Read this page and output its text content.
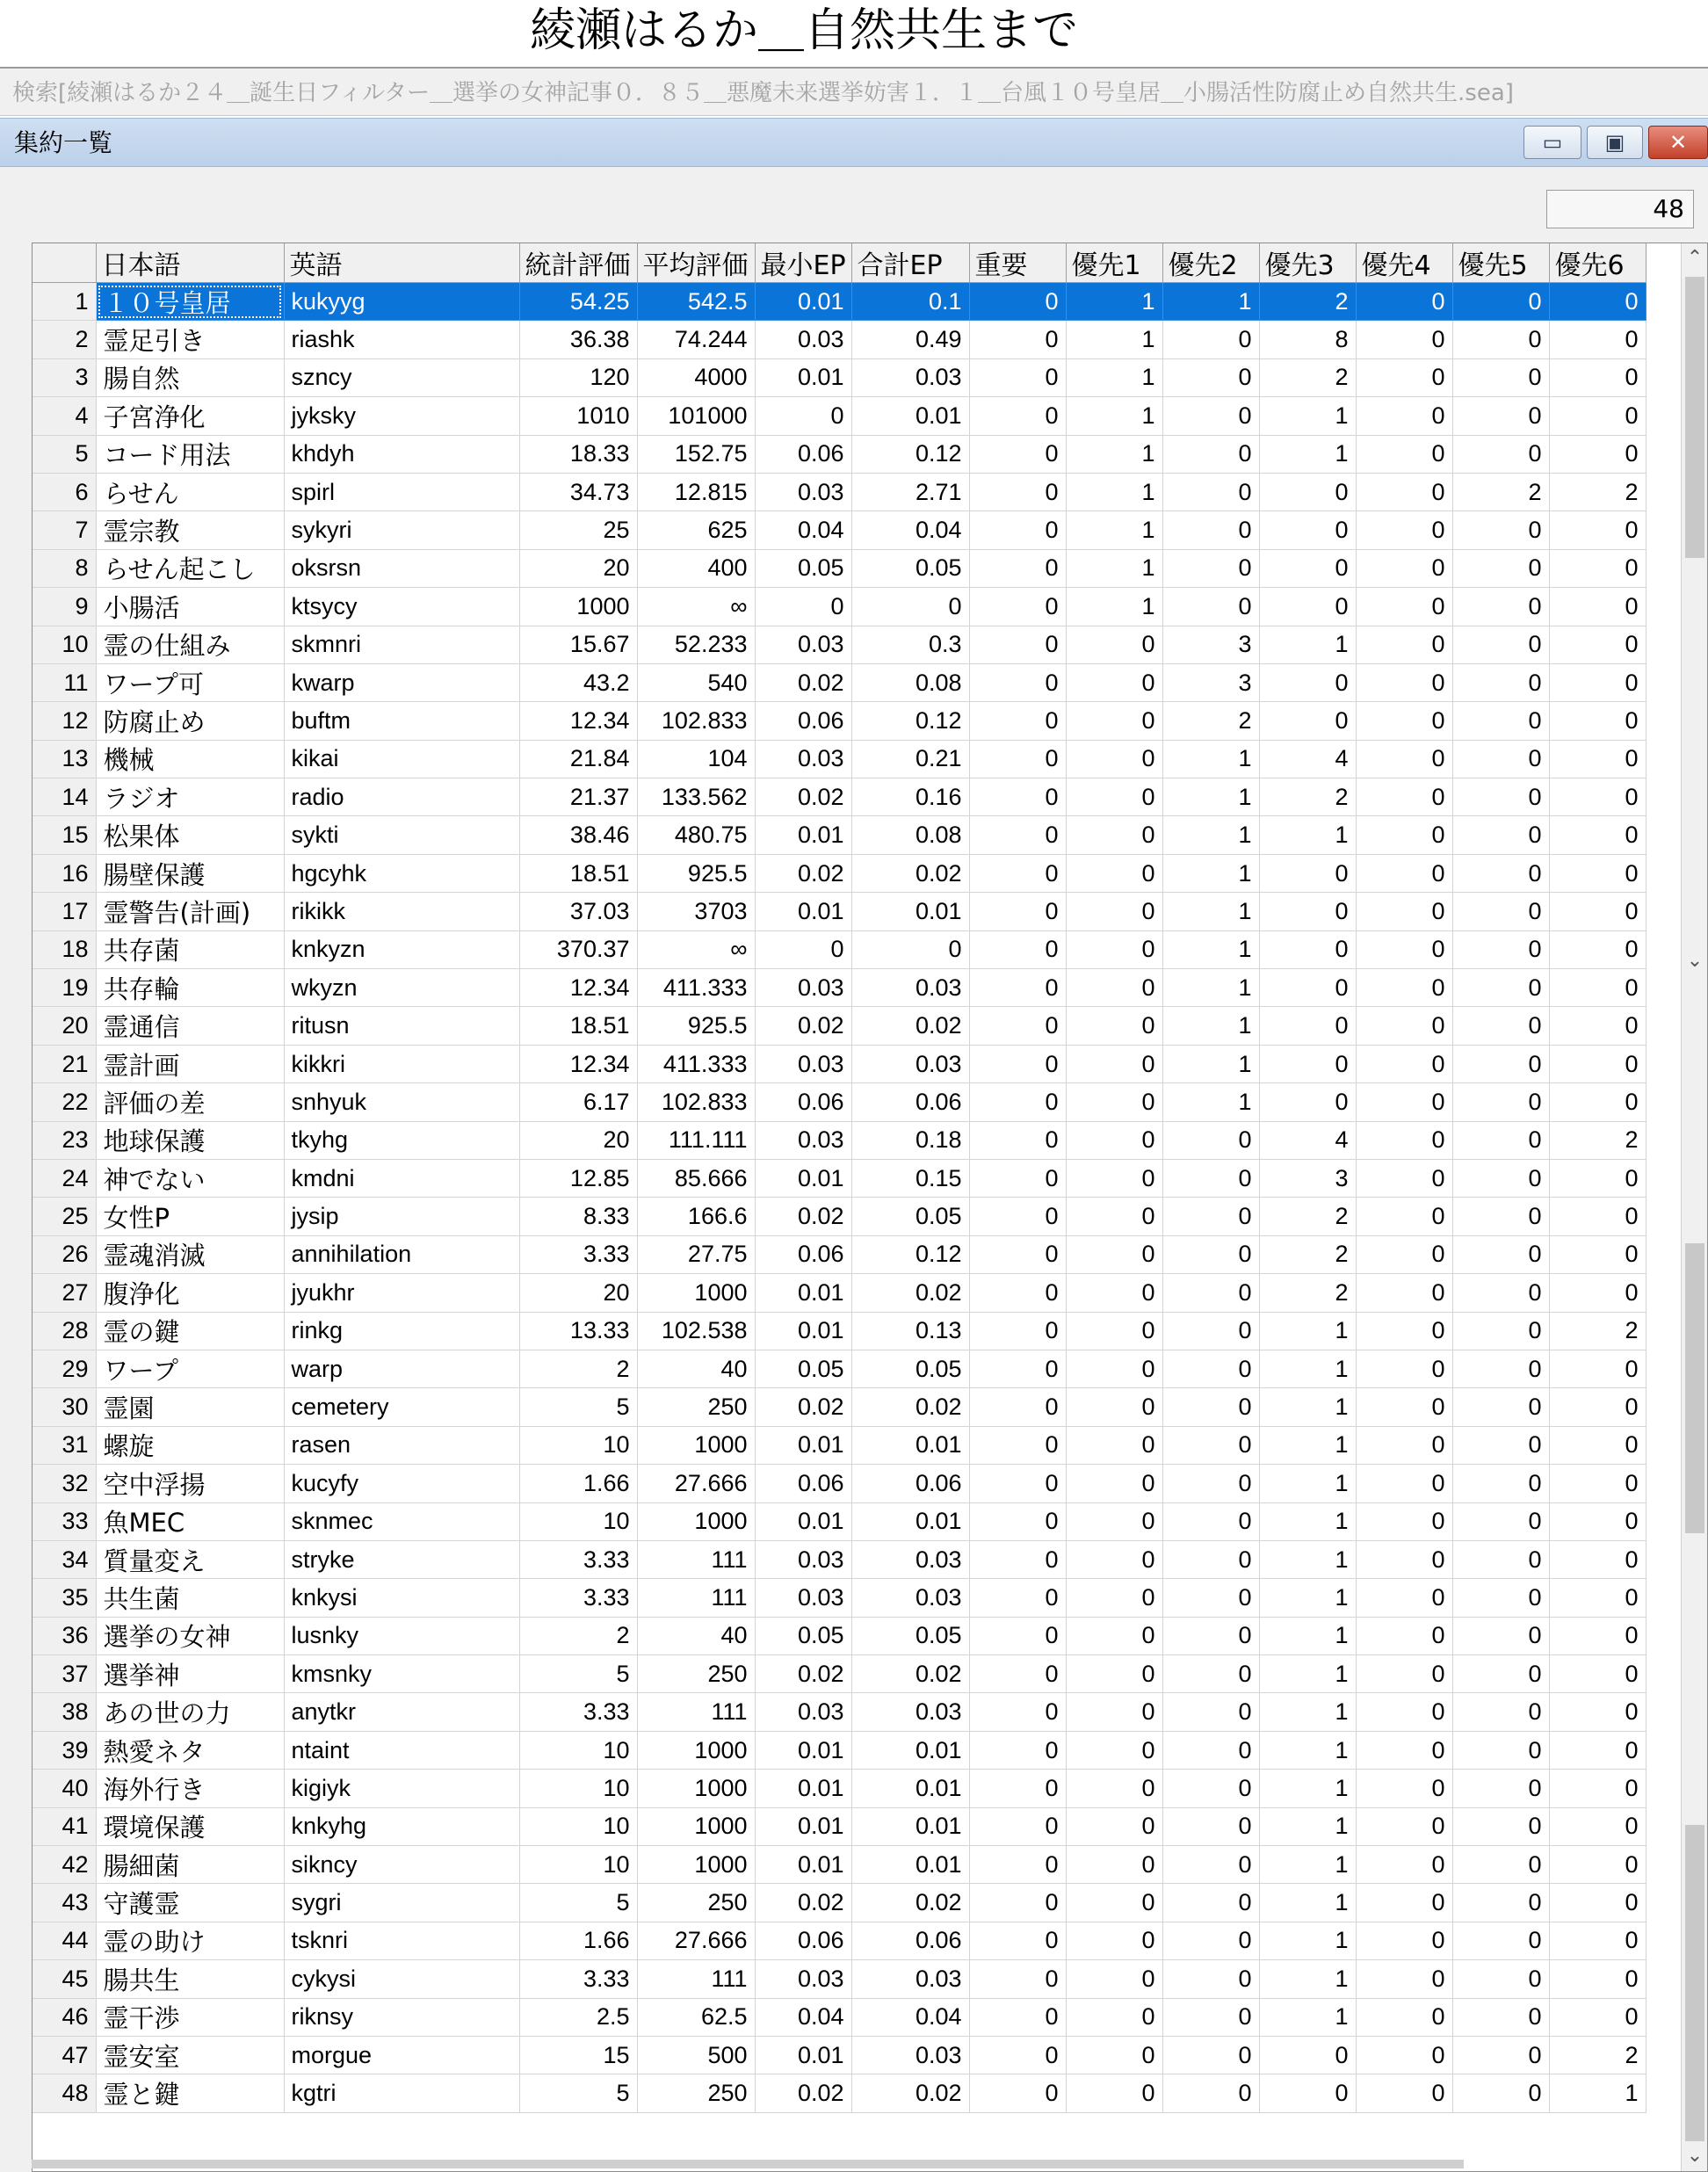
綾瀬はるか＿自然共生まで
検索[綾瀬はるか２４＿誕生日フィルター＿選挙の女神記事０．８５＿悪魔未来選挙妨害１．１＿台風１０号皇居＿小腸活性防腐止め自然共生.sea]
集約一覧	▭ ▣ ✕
48
	日本語	英語	統計評価	平均評価	最小EP	合計EP	重要	優先1	優先2	優先3	優先4	優先5	優先6
1	１０号皇居	kukyyg	54.25	542.5	0.01	0.1	0	1	1	2	0	0	0
2	霊足引き	riashk	36.38	74.244	0.03	0.49	0	1	0	8	0	0	0
3	腸自然	szncy	120	4000	0.01	0.03	0	1	0	2	0	0	0
4	子宮浄化	jyksky	1010	101000	0	0.01	0	1	0	1	0	0	0
5	コード用法	khdyh	18.33	152.75	0.06	0.12	0	1	0	1	0	0	0
6	らせん	spirl	34.73	12.815	0.03	2.71	0	1	0	0	0	2	2
7	霊宗教	sykyri	25	625	0.04	0.04	0	1	0	0	0	0	0
8	らせん起こし	oksrsn	20	400	0.05	0.05	0	1	0	0	0	0	0
9	小腸活	ktsycy	1000	∞	0	0	0	1	0	0	0	0	0
10	霊の仕組み	skmnri	15.67	52.233	0.03	0.3	0	0	3	1	0	0	0
11	ワープ可	kwarp	43.2	540	0.02	0.08	0	0	3	0	0	0	0
12	防腐止め	buftm	12.34	102.833	0.06	0.12	0	0	2	0	0	0	0
13	機械	kikai	21.84	104	0.03	0.21	0	0	1	4	0	0	0
14	ラジオ	radio	21.37	133.562	0.02	0.16	0	0	1	2	0	0	0
15	松果体	sykti	38.46	480.75	0.01	0.08	0	0	1	1	0	0	0
16	腸壁保護	hgcyhk	18.51	925.5	0.02	0.02	0	0	1	0	0	0	0
17	霊警告(計画)	rikikk	37.03	3703	0.01	0.01	0	0	1	0	0	0	0
18	共存菌	knkyzn	370.37	∞	0	0	0	0	1	0	0	0	0
19	共存輪	wkyzn	12.34	411.333	0.03	0.03	0	0	1	0	0	0	0
20	霊通信	ritusn	18.51	925.5	0.02	0.02	0	0	1	0	0	0	0
21	霊計画	kikkri	12.34	411.333	0.03	0.03	0	0	1	0	0	0	0
22	評価の差	snhyuk	6.17	102.833	0.06	0.06	0	0	1	0	0	0	0
23	地球保護	tkyhg	20	111.111	0.03	0.18	0	0	0	4	0	0	2
24	神でない	kmdni	12.85	85.666	0.01	0.15	0	0	0	3	0	0	0
25	女性P	jysip	8.33	166.6	0.02	0.05	0	0	0	2	0	0	0
26	霊魂消滅	annihilation	3.33	27.75	0.06	0.12	0	0	0	2	0	0	0
27	腹浄化	jyukhr	20	1000	0.01	0.02	0	0	0	2	0	0	0
28	霊の鍵	rinkg	13.33	102.538	0.01	0.13	0	0	0	1	0	0	2
29	ワープ	warp	2	40	0.05	0.05	0	0	0	1	0	0	0
30	霊園	cemetery	5	250	0.02	0.02	0	0	0	1	0	0	0
31	螺旋	rasen	10	1000	0.01	0.01	0	0	0	1	0	0	0
32	空中浮揚	kucyfy	1.66	27.666	0.06	0.06	0	0	0	1	0	0	0
33	魚MEC	sknmec	10	1000	0.01	0.01	0	0	0	1	0	0	0
34	質量変え	stryke	3.33	111	0.03	0.03	0	0	0	1	0	0	0
35	共生菌	knkysi	3.33	111	0.03	0.03	0	0	0	1	0	0	0
36	選挙の女神	lusnky	2	40	0.05	0.05	0	0	0	1	0	0	0
37	選挙神	kmsnky	5	250	0.02	0.02	0	0	0	1	0	0	0
38	あの世の力	anytkr	3.33	111	0.03	0.03	0	0	0	1	0	0	0
39	熱愛ネタ	ntaint	10	1000	0.01	0.01	0	0	0	1	0	0	0
40	海外行き	kigiyk	10	1000	0.01	0.01	0	0	0	1	0	0	0
41	環境保護	knkyhg	10	1000	0.01	0.01	0	0	0	1	0	0	0
42	腸細菌	sikncy	10	1000	0.01	0.01	0	0	0	1	0	0	0
43	守護霊	sygri	5	250	0.02	0.02	0	0	0	1	0	0	0
44	霊の助け	tsknri	1.66	27.666	0.06	0.06	0	0	0	1	0	0	0
45	腸共生	cykysi	3.33	111	0.03	0.03	0	0	0	1	0	0	0
46	霊干渉	riknsy	2.5	62.5	0.04	0.04	0	0	0	1	0	0	0
47	霊安室	morgue	15	500	0.01	0.03	0	0	0	0	0	0	2
48	霊と鍵	kgtri	5	250	0.02	0.02	0	0	0	0	0	0	1
⌃
⌄
⌄
